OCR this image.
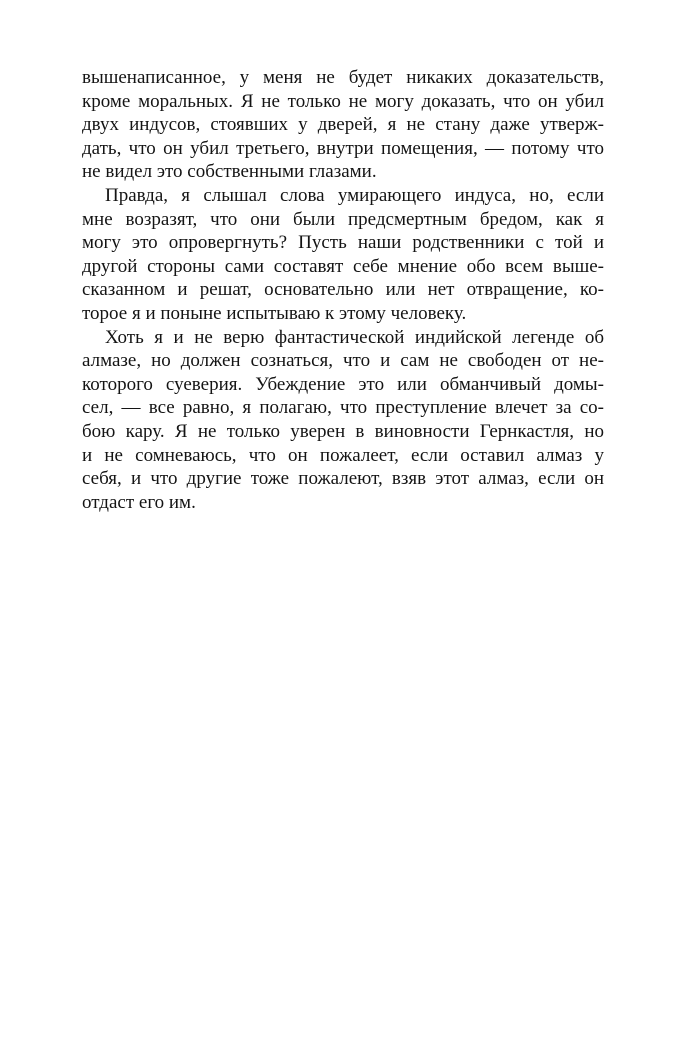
вышенаписанное, у меня не будет никаких доказательств,
кроме моральных. Я не только не могу доказать, что он убил
двух индусов, стоявших у дверей, я не стану даже утверж-
дать, что он убил третьего, внутри помещения, — потому что
не видел это собственными глазами.
Правда, я слышал слова умирающего индуса, но, если
мне возразят, что они были предсмертным бредом, как я
могу это опровергнуть? Пусть наши родственники с той и
другой стороны сами составят себе мнение обо всем выше-
сказанном и решат, основательно или нет отвращение, ко-
торое я и поныне испытываю к этому человеку.
Хоть я и не верю фантастической индийской легенде об
алмазе, но должен сознаться, что и сам не свободен от не-
которого суеверия. Убеждение это или обманчивый домы-
сел, — все равно, я полагаю, что преступление влечет за со-
бою кару. Я не только уверен в виновности Гернкастля, но
и не сомневаюсь, что он пожалеет, если оставил алмаз у
себя, и что другие тоже пожалеют, взяв этот алмаз, если он
отдаст его им.
